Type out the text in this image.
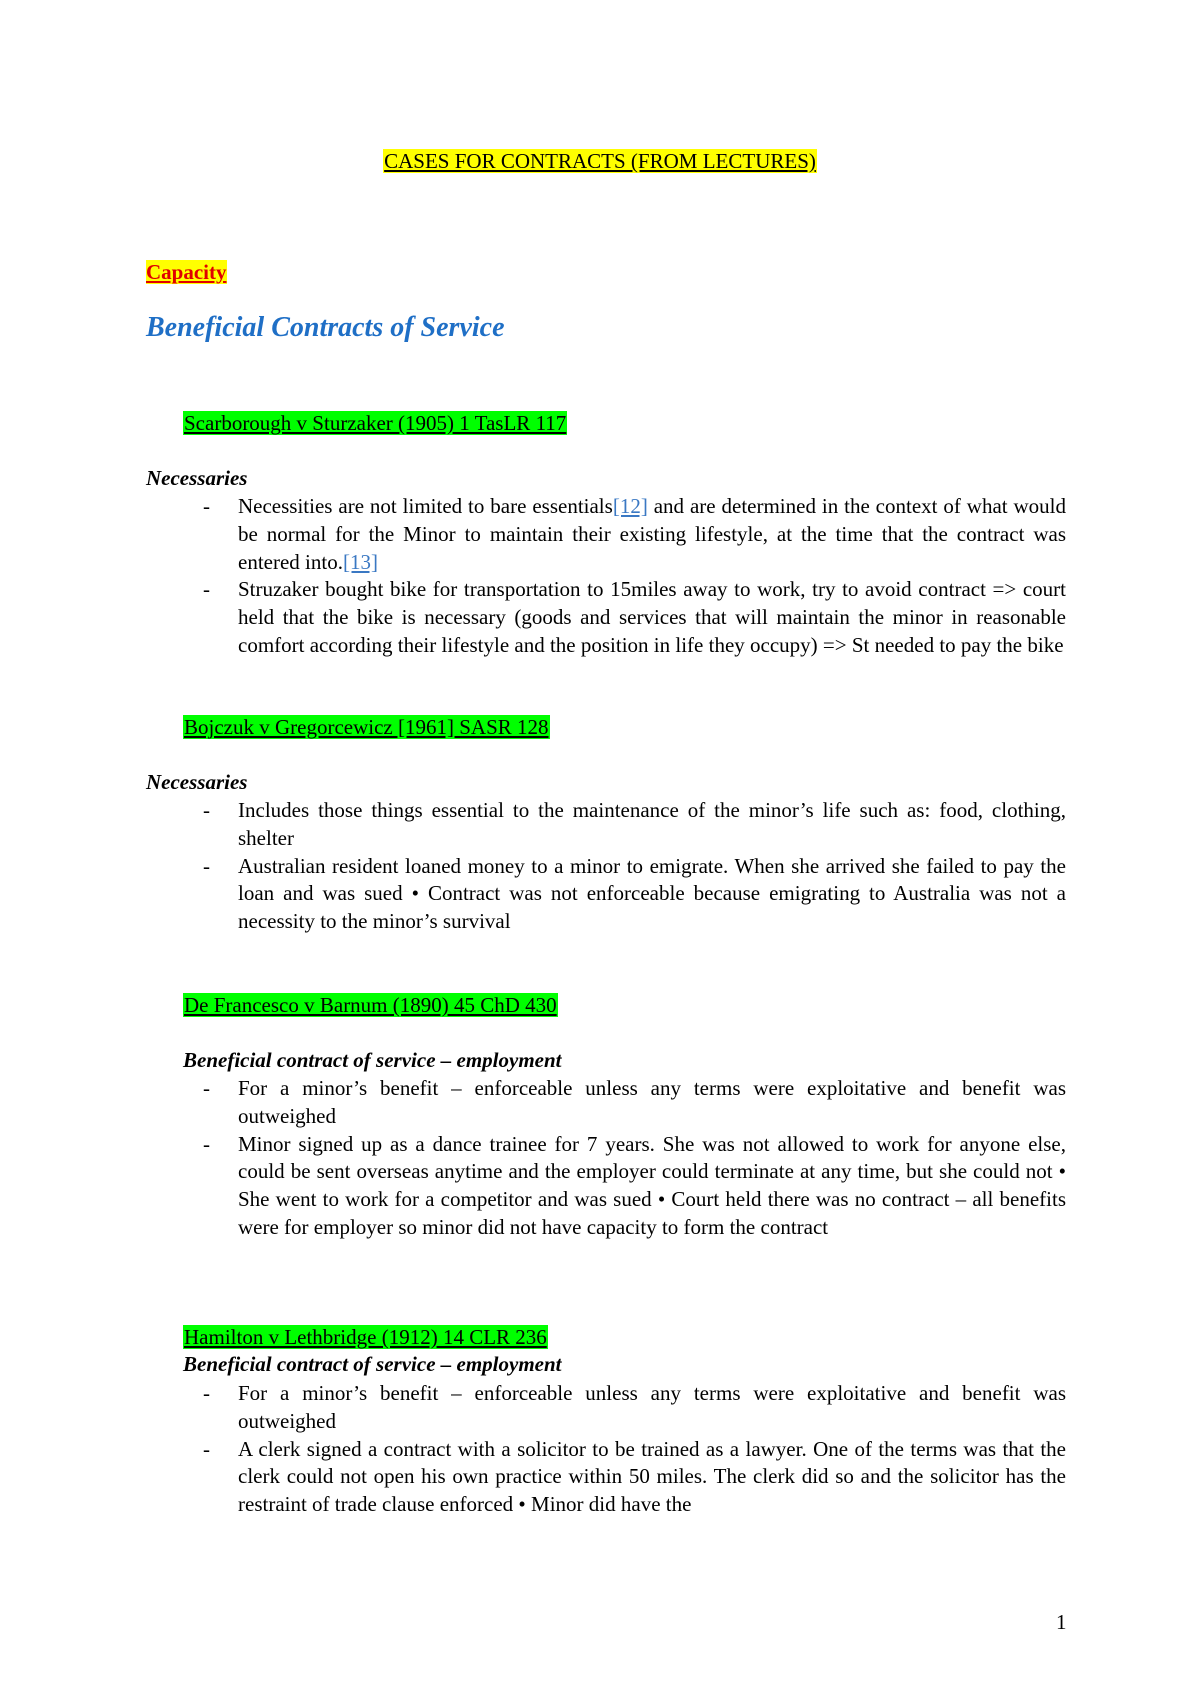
CASES FOR CONTRACTS (FROM LECTURES)
Capacity
Beneficial Contracts of Service
Scarborough v Sturzaker (1905) 1 TasLR 117
Necessaries
- Necessities are not limited to bare essentials[12] and are determined in the context of what would be normal for the Minor to maintain their existing lifestyle, at the time that the contract was entered into.[13]
- Struzaker bought bike for transportation to 15miles away to work, try to avoid contract => court held that the bike is necessary (goods and services that will maintain the minor in reasonable comfort according their lifestyle and the position in life they occupy) => St needed to pay the bike
Bojczuk v Gregorcewicz [1961] SASR 128
Necessaries
- Includes those things essential to the maintenance of the minor’s life such as: food, clothing, shelter
- Australian resident loaned money to a minor to emigrate. When she arrived she failed to pay the loan and was sued • Contract was not enforceable because emigrating to Australia was not a necessity to the minor’s survival
De Francesco v Barnum (1890) 45 ChD 430
Beneficial contract of service – employment
- For a minor’s benefit – enforceable unless any terms were exploitative and benefit was outweighed
- Minor signed up as a dance trainee for 7 years. She was not allowed to work for anyone else, could be sent overseas anytime and the employer could terminate at any time, but she could not • She went to work for a competitor and was sued • Court held there was no contract – all benefits were for employer so minor did not have capacity to form the contract
Hamilton v Lethbridge (1912) 14 CLR 236
Beneficial contract of service – employment
- For a minor’s benefit – enforceable unless any terms were exploitative and benefit was outweighed
- A clerk signed a contract with a solicitor to be trained as a lawyer. One of the terms was that the clerk could not open his own practice within 50 miles. The clerk did so and the solicitor has the restraint of trade clause enforced • Minor did have the
1
